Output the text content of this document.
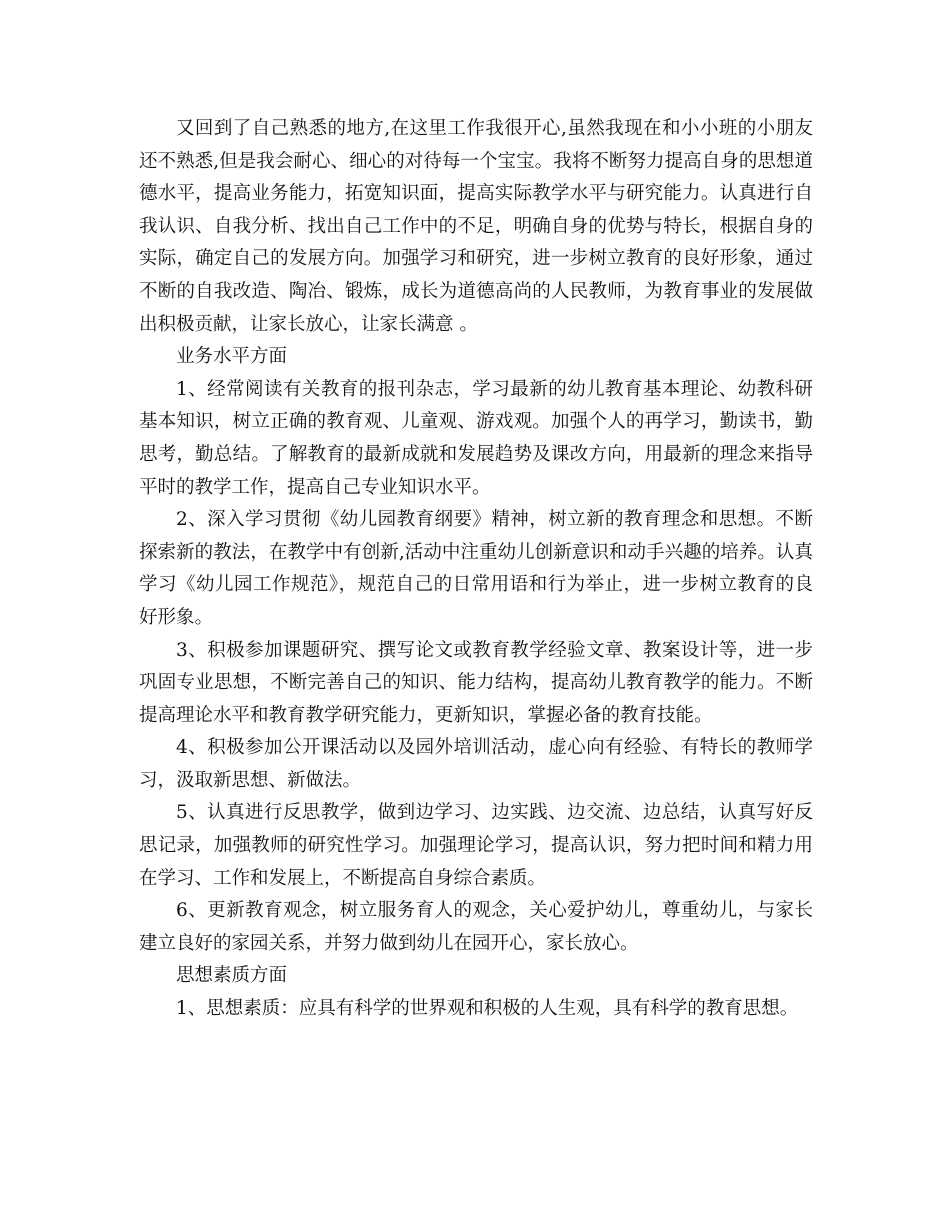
又回到了自己熟悉的地方,在这里工作我很开心,虽然我现在和小小班的小朋友还不熟悉,但是我会耐心、细心的对待每一个宝宝。我将不断努力提高自身的思想道德水平，提高业务能力，拓宽知识面，提高实际教学水平与研究能力。认真进行自我认识、自我分析、找出自己工作中的不足，明确自身的优势与特长，根据自身的实际，确定自己的发展方向。加强学习和研究，进一步树立教育的良好形象，通过不断的自我改造、陶冶、锻炼，成长为道德高尚的人民教师，为教育事业的发展做出积极贡献，让家长放心，让家长满意 。

业务水平方面

1、经常阅读有关教育的报刊杂志，学习最新的幼儿教育基本理论、幼教科研基本知识，树立正确的教育观、儿童观、游戏观。加强个人的再学习，勤读书，勤思考，勤总结。了解教育的最新成就和发展趋势及课改方向，用最新的理念来指导平时的教学工作，提高自己专业知识水平。

2、深入学习贯彻《幼儿园教育纲要》精神，树立新的教育理念和思想。不断探索新的教法，在教学中有创新,活动中注重幼儿创新意识和动手兴趣的培养。认真学习《幼儿园工作规范》，规范自己的日常用语和行为举止，进一步树立教育的良好形象。

3、积极参加课题研究、撰写论文或教育教学经验文章、教案设计等，进一步巩固专业思想，不断完善自己的知识、能力结构，提高幼儿教育教学的能力。不断提高理论水平和教育教学研究能力，更新知识，掌握必备的教育技能。

4、积极参加公开课活动以及园外培训活动，虚心向有经验、有特长的教师学习，汲取新思想、新做法。

5、认真进行反思教学，做到边学习、边实践、边交流、边总结，认真写好反思记录，加强教师的研究性学习。加强理论学习，提高认识，努力把时间和精力用在学习、工作和发展上，不断提高自身综合素质。

6、更新教育观念，树立服务育人的观念，关心爱护幼儿，尊重幼儿，与家长建立良好的家园关系，并努力做到幼儿在园开心，家长放心。

思想素质方面

1、思想素质：应具有科学的世界观和积极的人生观，具有科学的教育思想。
